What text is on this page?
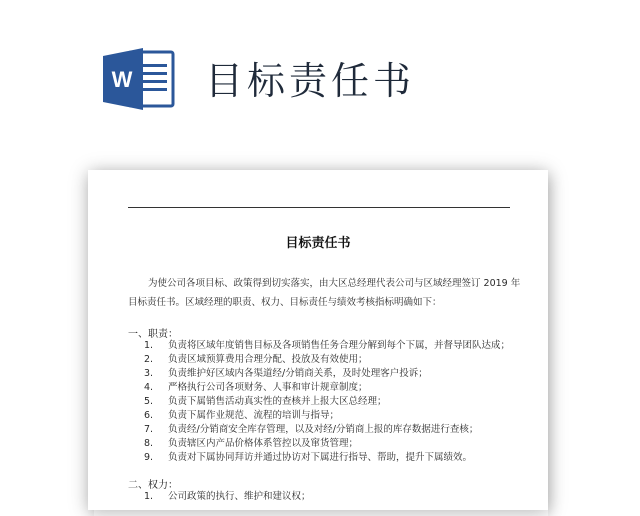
W 目标责任书
目标责任书
为使公司各项目标、政策得到切实落实，由大区总经理代表公司与区域经理签订 2019 年
目标责任书。区域经理的职责、权力、目标责任与绩效考核指标明确如下：
一、职责：
1. 负责将区域年度销售目标及各项销售任务合理分解到每个下属，并督导团队达成；
2. 负责区域预算费用合理分配、投放及有效使用；
3. 负责维护好区域内各渠道经/分销商关系，及时处理客户投诉；
4. 严格执行公司各项财务、人事和审计规章制度；
5. 负责下属销售活动真实性的查核并上报大区总经理；
6. 负责下属作业规范、流程的培训与指导；
7. 负责经/分销商安全库存管理，以及对经/分销商上报的库存数据进行查核；
8. 负责辖区内产品价格体系管控以及窜货管理；
9. 负责对下属协同拜访并通过协访对下属进行指导、帮助，提升下属绩效。
二、权力：
1. 公司政策的执行、维护和建议权；
